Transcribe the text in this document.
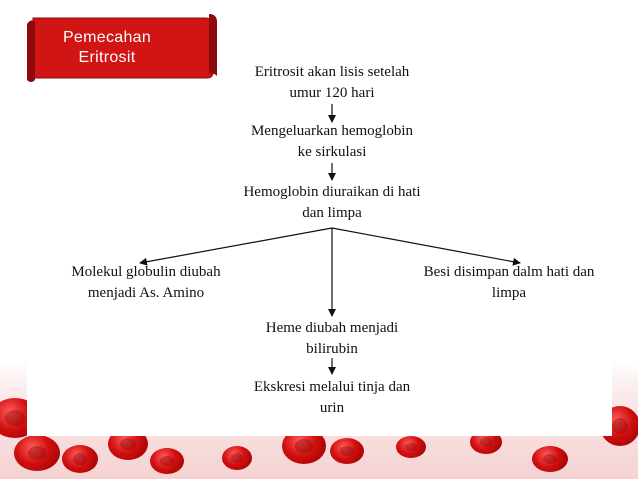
Pemecahan
Eritrosit
Eritrosit akan lisis setelah
umur 120 hari
Mengeluarkan hemoglobin
ke sirkulasi
Hemoglobin diuraikan di hati
dan limpa
Molekul globulin diubah
menjadi As. Amino
Besi disimpan dalm hati dan
limpa
Heme diubah menjadi
bilirubin
Ekskresi melalui tinja dan
urin
